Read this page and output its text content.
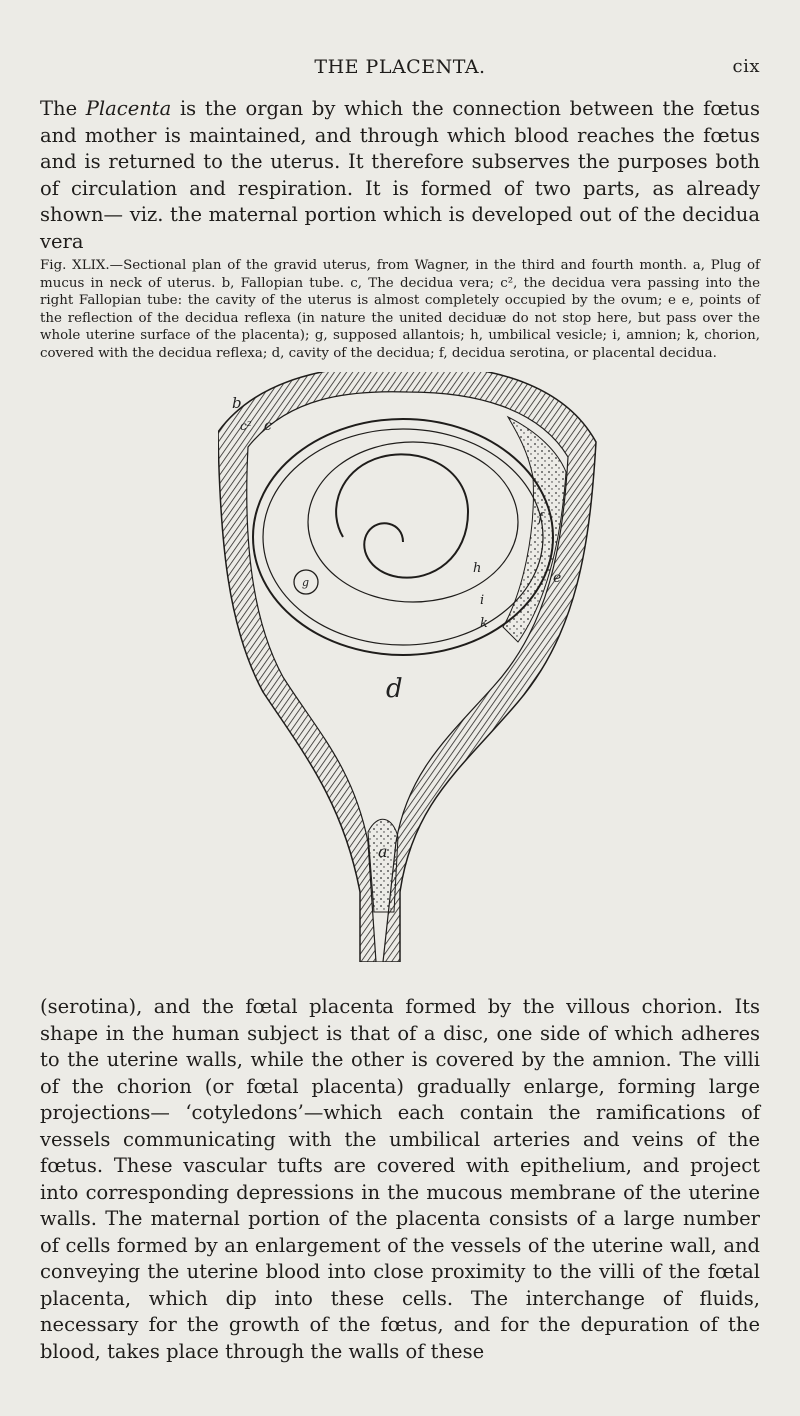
THE PLACENTA.	cix

The Placenta is the organ by which the connection between the fœtus and mother is maintained, and through which blood reaches the fœtus and is returned to the uterus. It therefore subserves the purposes both of circulation and respiration. It is formed of two parts, as already shown— viz. the maternal portion which is developed out of the decidua vera

Fig. XLIX.—Sectional plan of the gravid uterus, from Wagner, in the third and fourth month. a, Plug of mucus in neck of uterus. b, Fallopian tube. c, The decidua vera; c², the decidua vera passing into the right Fallopian tube: the cavity of the uterus is almost completely occupied by the ovum; e e, points of the reflection of the decidua reflexa (in nature the united deciduæ do not stop here, but pass over the whole uterine surface of the placenta); g, supposed allantois; h, umbilical vesicle; i, amnion; k, chorion, covered with the decidua reflexa; d, cavity of the decidua; f, decidua serotina, or placental decidua.

d
a
b
c
c²
e
g
h
i
k
f

(serotina), and the fœtal placenta formed by the villous chorion. Its shape in the human subject is that of a disc, one side of which adheres to the uterine walls, while the other is covered by the amnion. The villi of the chorion (or fœtal placenta) gradually enlarge, forming large projections— ‘cotyledons’—which each contain the ramifications of vessels communicating with the umbilical arteries and veins of the fœtus. These vascular tufts are covered with epithelium, and project into corresponding depressions in the mucous membrane of the uterine walls. The maternal portion of the placenta consists of a large number of cells formed by an enlargement of the vessels of the uterine wall, and conveying the uterine blood into close proximity to the villi of the fœtal placenta, which dip into these cells. The interchange of fluids, necessary for the growth of the fœtus, and for the depuration of the blood, takes place through the walls of these
